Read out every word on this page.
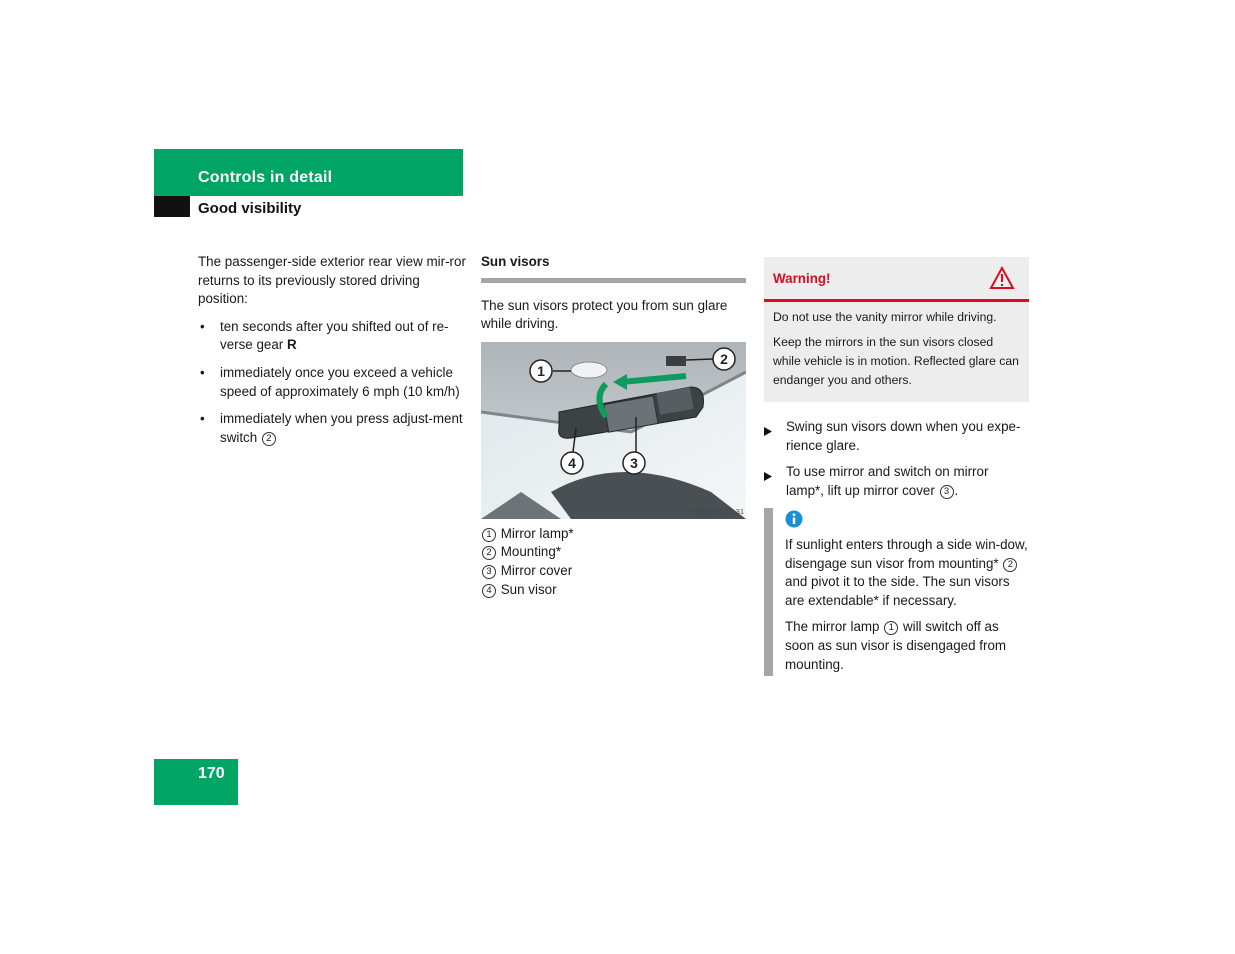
Controls in detail
Good visibility

The passenger-side exterior rear view mir-ror returns to its previously stored driving position:

• ten seconds after you shifted out of re-verse gear R
• immediately once you exceed a vehicle speed of approximately 6 mph (10 km/h)
• immediately when you press adjust-ment switch 2
Sun visors

The sun visors protect you from sun glare while driving.

1
2
3
4
P68.60-2067-31
1 Mirror lamp*
2 Mounting*
3 Mirror cover
4 Sun visor
Warning!

Do not use the vanity mirror while driving.

Keep the mirrors in the sun visors closed while vehicle is in motion. Reflected glare can endanger you and others.

Swing sun visors down when you expe-rience glare.
To use mirror and switch on mirror lamp*, lift up mirror cover 3 .

If sunlight enters through a side win-dow, disengage sun visor from mounting* 2 and pivot it to the side. The sun visors are extendable* if necessary.

The mirror lamp 1 will switch off as soon as sun visor is disengaged from mounting.

170
